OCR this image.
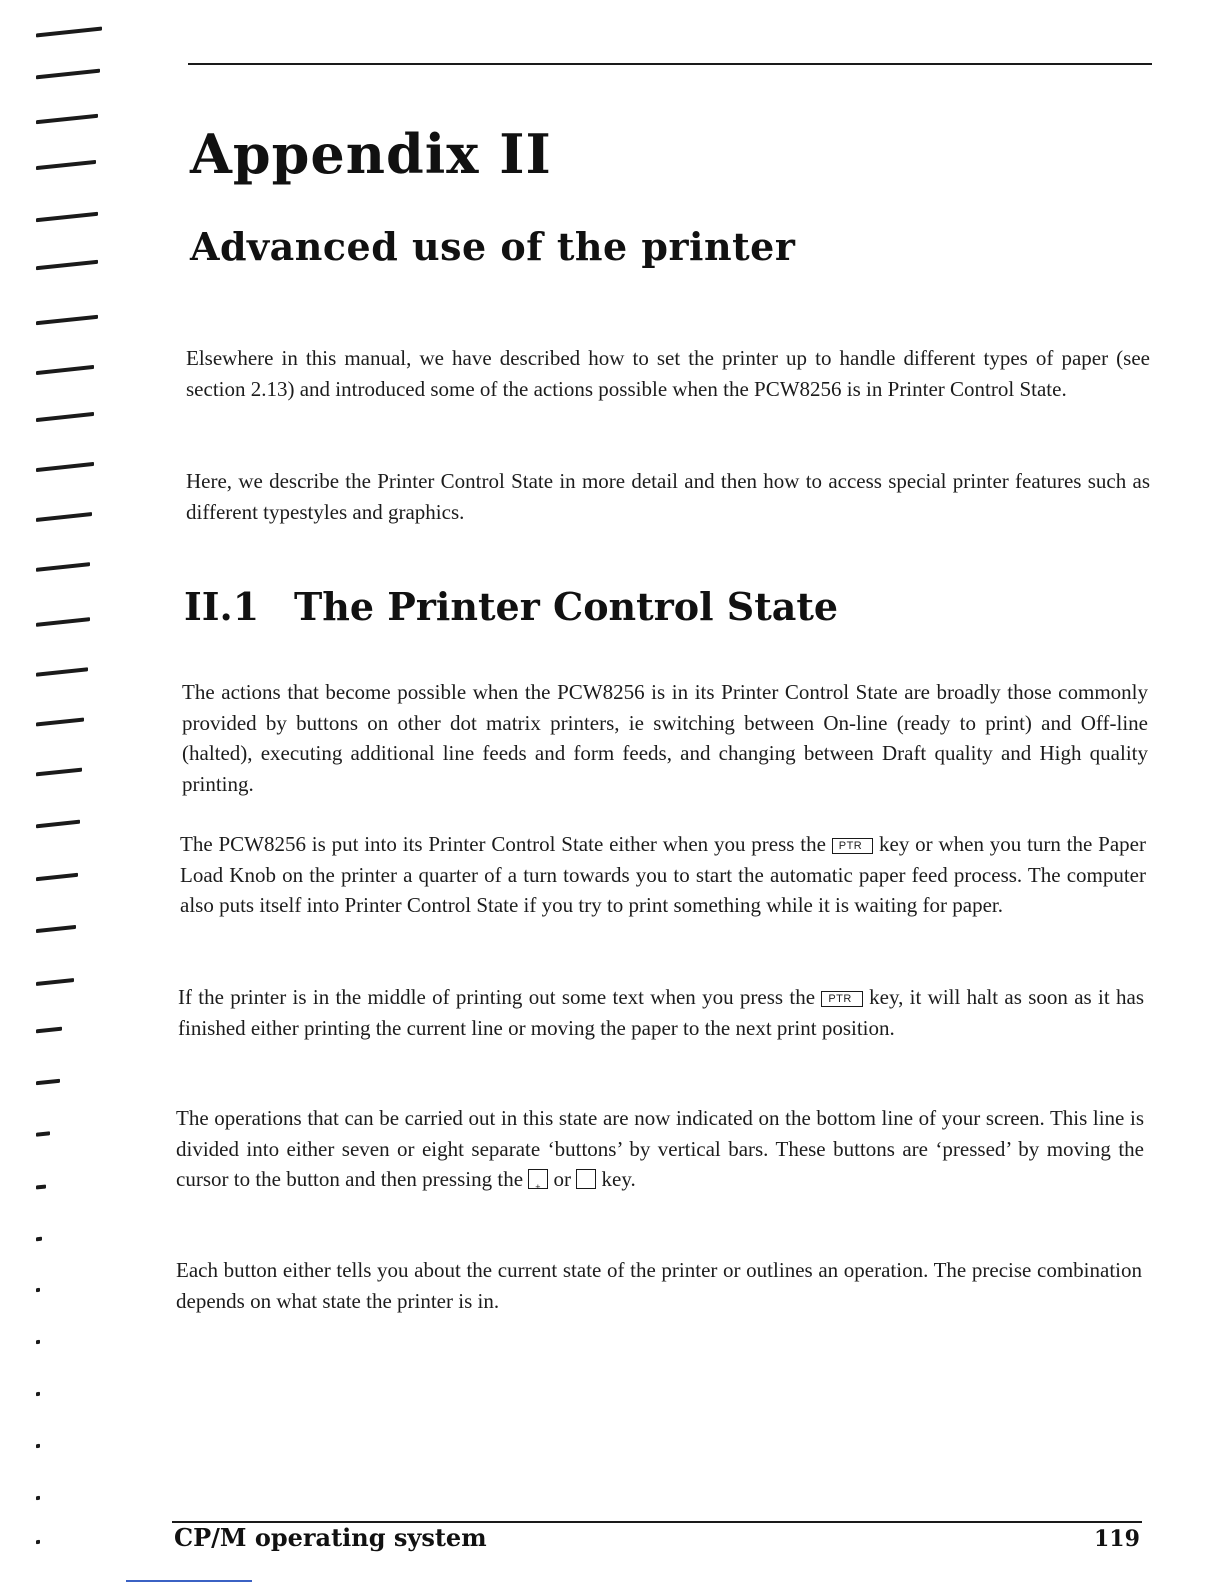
Appendix II
Advanced use of the printer

Elsewhere in this manual, we have described how to set the printer up to handle different types of paper (see section 2.13) and introduced some of the actions possible when the PCW8256 is in Printer Control State.

Here, we describe the Printer Control State in more detail and then how to access special printer features such as different typestyles and graphics.

II.1 The Printer Control State

The actions that become possible when the PCW8256 is in its Printer Control State are broadly those commonly provided by buttons on other dot matrix printers, ie switching between On-line (ready to print) and Off-line (halted), executing additional line feeds and form feeds, and changing between Draft quality and High quality printing.

The PCW8256 is put into its Printer Control State either when you press the PTR key or when you turn the Paper Load Knob on the printer a quarter of a turn towards you to start the automatic paper feed process. The computer also puts itself into Printer Control State if you try to print something while it is waiting for paper.

If the printer is in the middle of printing out some text when you press the PTR key, it will halt as soon as it has finished either printing the current line or moving the paper to the next print position.

The operations that can be carried out in this state are now indicated on the bottom line of your screen. This line is divided into either seven or eight separate ‘buttons’ by vertical bars. These buttons are ‘pressed’ by moving the cursor to the button and then pressing the + or key.

Each button either tells you about the current state of the printer or outlines an operation. The precise combination depends on what state the printer is in.

CP/M operating system	119
